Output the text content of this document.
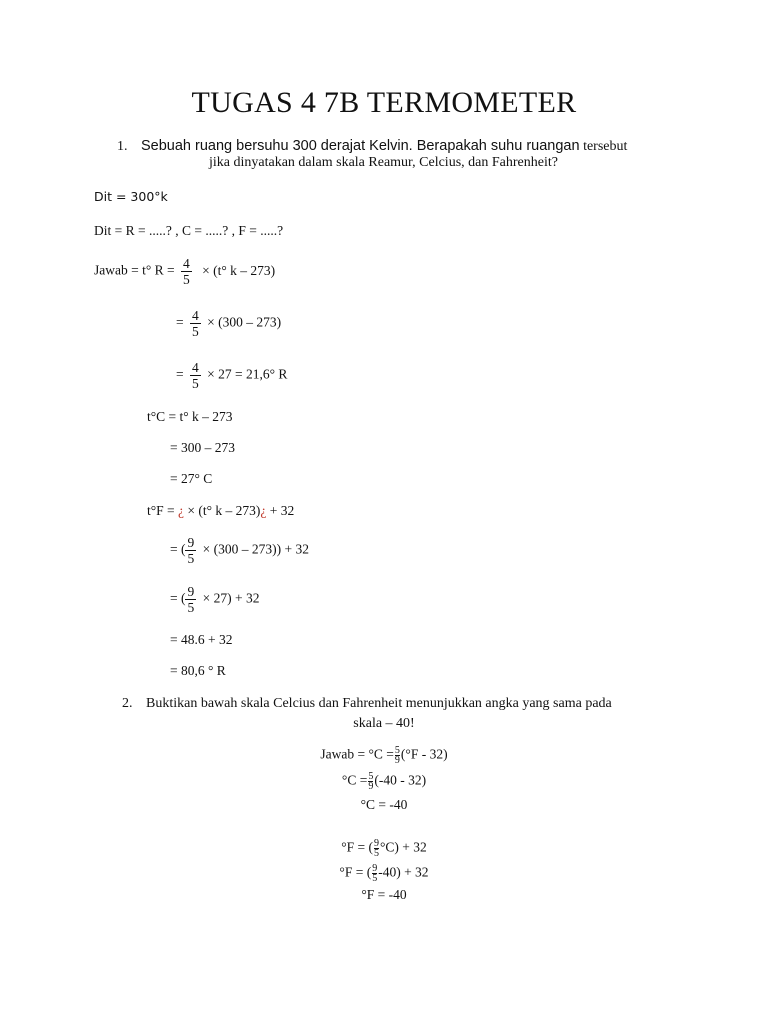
TUGAS 4 7B TERMOMETER
1. Sebuah ruang bersuhu 300 derajat Kelvin. Berapakah suhu ruangan tersebut
jika dinyatakan dalam skala Reamur, Celcius, dan Fahrenheit?
Dit = 300°k
Dit = R = .....? , C = .....? , F = .....?
Jawab = t° $R = \frac{4}{5} \times (t^\circ$ k – 273)
= $\frac{4}{5} \times (300 - 273)$
= $\frac{4}{5} \times 27 = 21,6^\circ$ R
t°C = t° k – 273
= 300 – 273
= 27° C
t°F = ¿ × (t° k – 273)¿ + 32
= ( $\frac{9}{5} \times (300 - 273)) + 32$
= ( $\frac{9}{5} \times 27) + 32$
= 48.6 + 32
= 80,6 ° R
2. Buktikan bawah skala Celcius dan Fahrenheit menunjukkan angka yang sama pada
skala – 40!
Jawab = $^\circ C = \frac{5}{9} (^\circ F - 32)$
$^\circ C = \frac{5}{9} (-40 - 32)$
°C = -40
°F = ( $\frac{9}{5} ^\circ C) + 32$
°F = ( $\frac{9}{5} -40) + 32$
°F = -40
